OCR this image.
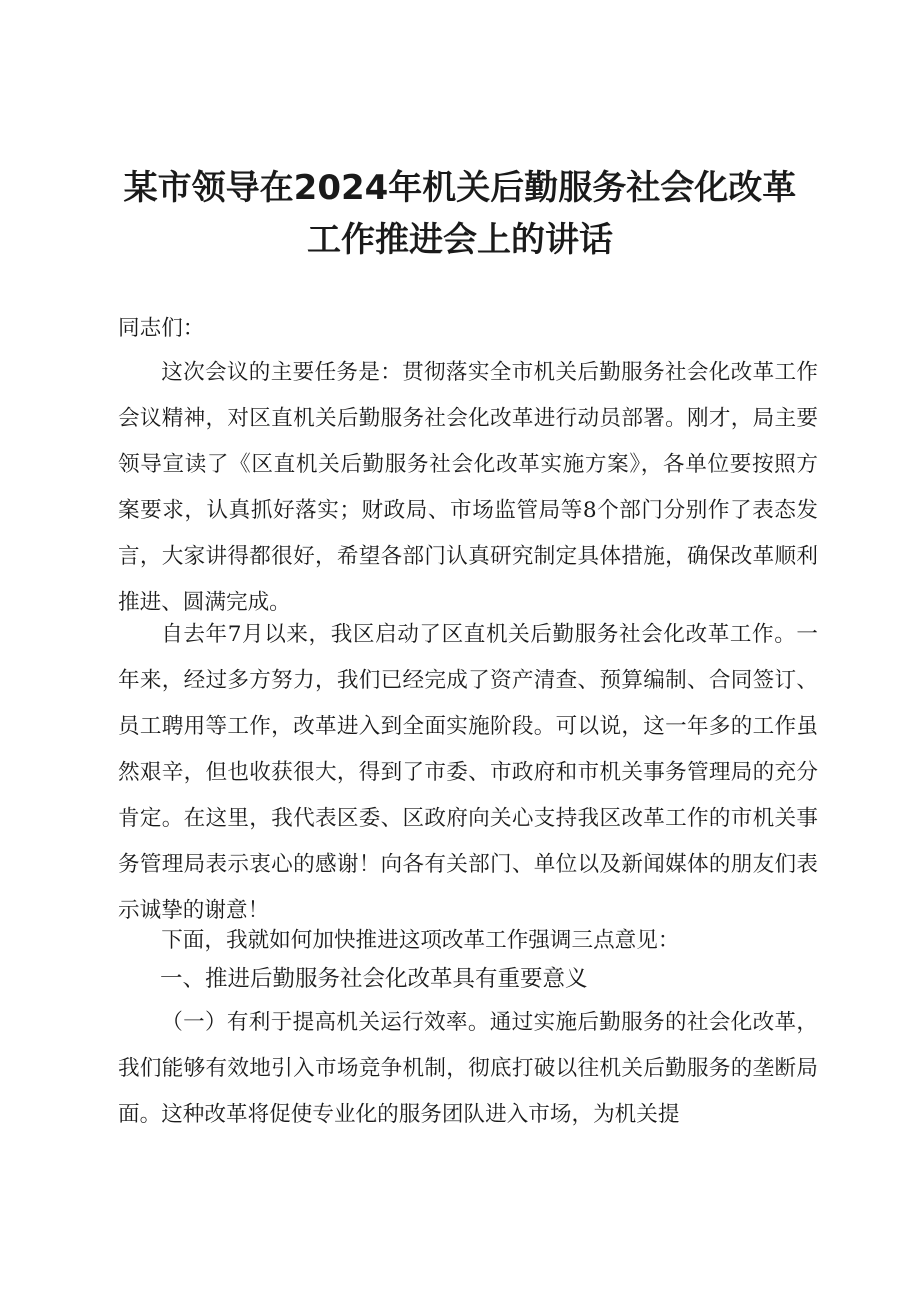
某市领导在2024年机关后勤服务社会化改革
工作推进会上的讲话
同志们：
这次会议的主要任务是：贯彻落实全市机关后勤服务社会化改革工作会议精神，对区直机关后勤服务社会化改革进行动员部署。刚才，局主要领导宣读了《区直机关后勤服务社会化改革实施方案》，各单位要按照方案要求，认真抓好落实；财政局、市场监管局等8个部门分别作了表态发言，大家讲得都很好，希望各部门认真研究制定具体措施，确保改革顺利推进、圆满完成。
自去年7月以来，我区启动了区直机关后勤服务社会化改革工作。一年来，经过多方努力，我们已经完成了资产清查、预算编制、合同签订、员工聘用等工作，改革进入到全面实施阶段。可以说，这一年多的工作虽然艰辛，但也收获很大，得到了市委、市政府和市机关事务管理局的充分肯定。在这里，我代表区委、区政府向关心支持我区改革工作的市机关事务管理局表示衷心的感谢！向各有关部门、单位以及新闻媒体的朋友们表示诚挚的谢意！
下面，我就如何加快推进这项改革工作强调三点意见：
一、推进后勤服务社会化改革具有重要意义
（一）有利于提高机关运行效率。通过实施后勤服务的社会化改革，我们能够有效地引入市场竞争机制，彻底打破以往机关后勤服务的垄断局面。这种改革将促使专业化的服务团队进入市场，为机关提
